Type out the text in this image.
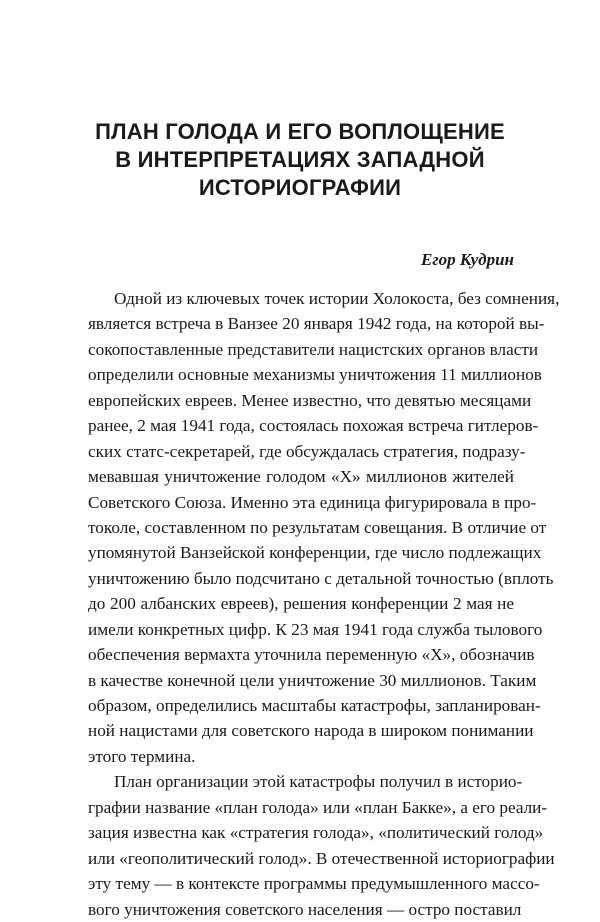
ПЛАН ГОЛОДА И ЕГО ВОПЛОЩЕНИЕ
В ИНТЕРПРЕТАЦИЯХ ЗАПАДНОЙ
ИСТОРИОГРАФИИ
Егор Кудрин
Одной из ключевых точек истории Холокоста, без сомнения,
является встреча в Ванзее 20 января 1942 года, на которой вы-
сокопоставленные представители нацистских органов власти
определили основные механизмы уничтожения 11 миллионов
европейских евреев. Менее известно, что девятью месяцами
ранее, 2 мая 1941 года, состоялась похожая встреча гитлеров-
ских статс-секретарей, где обсуждалась стратегия, подразу-
мевавшая уничтожение голодом «Х» миллионов жителей
Советского Союза. Именно эта единица фигурировала в про-
токоле, составленном по результатам совещания. В отличие от
упомянутой Ванзейской конференции, где число подлежащих
уничтожению было подсчитано с детальной точностью (вплоть
до 200 албанских евреев), решения конференции 2 мая не
имели конкретных цифр. К 23 мая 1941 года служба тылового
обеспечения вермахта уточнила переменную «Х», обозначив
в качестве конечной цели уничтожение 30 миллионов. Таким
образом, определились масштабы катастрофы, запланирован-
ной нацистами для советского народа в широком понимании
этого термина.
План организации этой катастрофы получил в историо-
графии название «план голода» или «план Бакке», а его реали-
зация известна как «стратегия голода», «политический голод»
или «геополитический голод». В отечественной историографии
эту тему — в контексте программы предумышленного массо-
вого уничтожения советского населения — остро поставил
